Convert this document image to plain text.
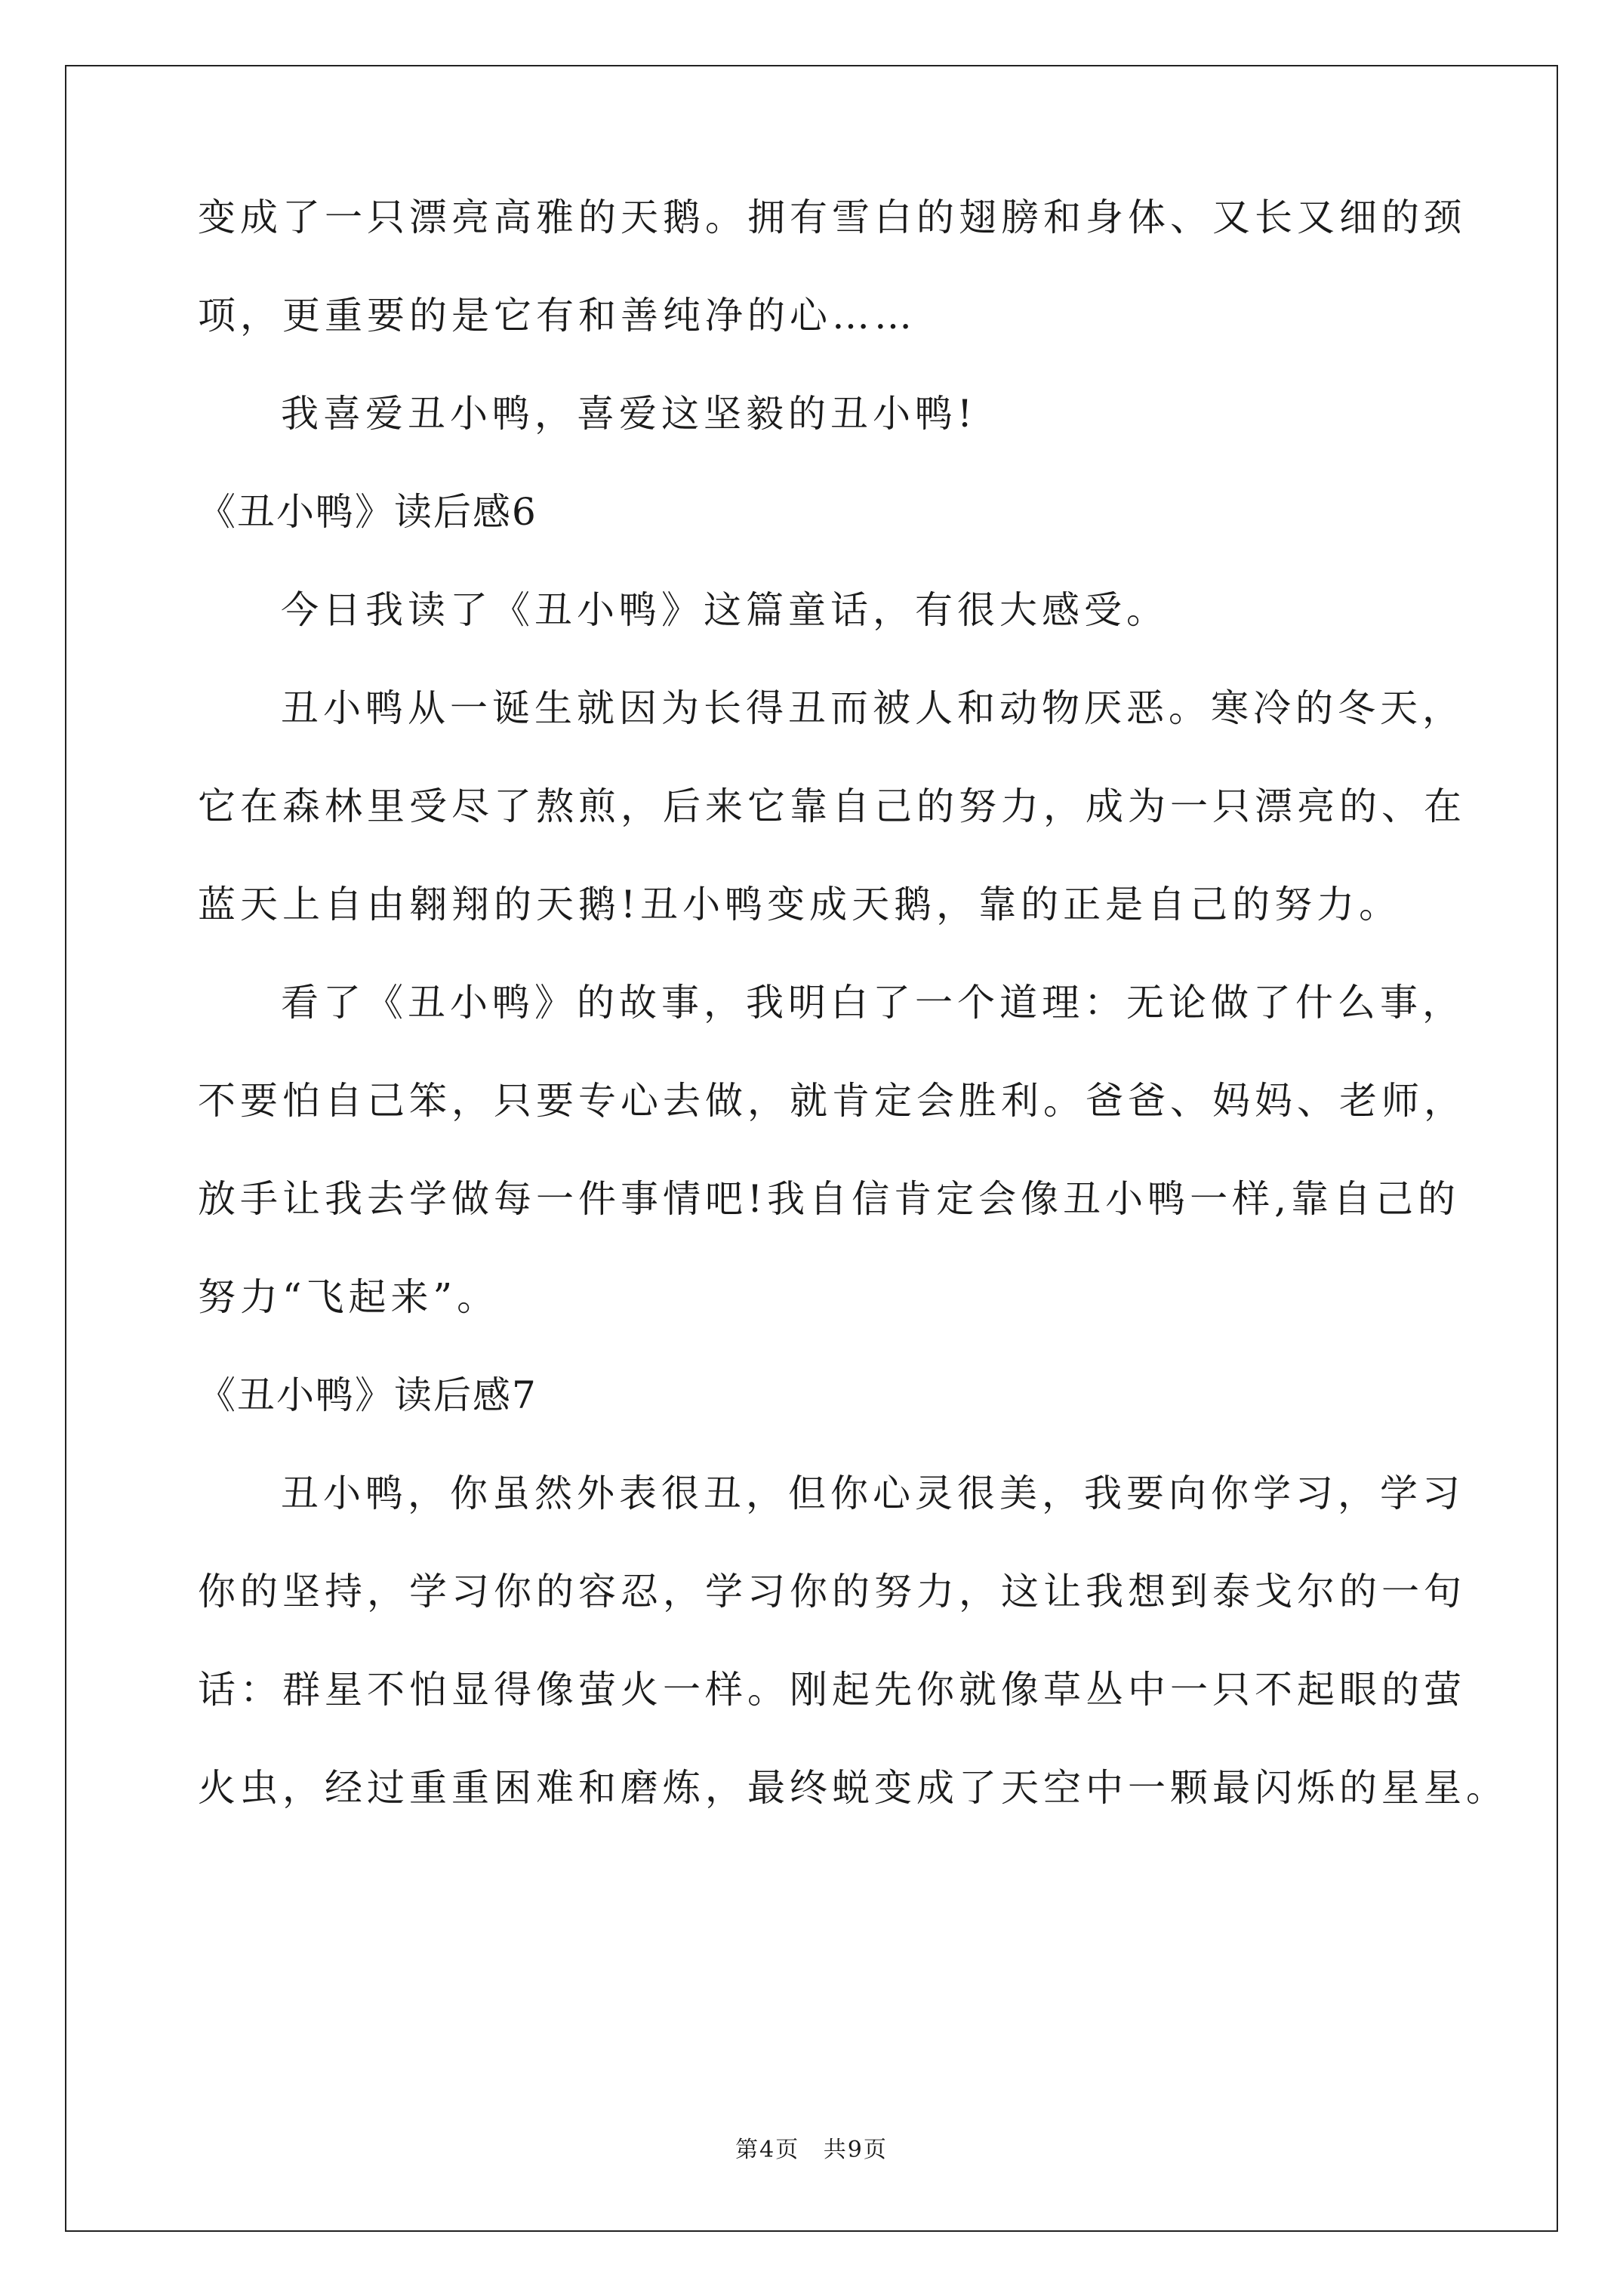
变成了一只漂亮高雅的天鹅。拥有雪白的翅膀和身体、又长又细的颈
项，更重要的是它有和善纯净的心……
我喜爱丑小鸭，喜爱这坚毅的丑小鸭!
《丑小鸭》读后感6
今日我读了《丑小鸭》这篇童话，有很大感受。
丑小鸭从一诞生就因为长得丑而被人和动物厌恶。寒冷的冬天，
它在森林里受尽了熬煎，后来它靠自己的努力，成为一只漂亮的、在
蓝天上自由翱翔的天鹅!丑小鸭变成天鹅，靠的正是自己的努力。
看了《丑小鸭》的故事，我明白了一个道理：无论做了什么事，
不要怕自己笨，只要专心去做，就肯定会胜利。爸爸、妈妈、老师，
放手让我去学做每一件事情吧!我自信肯定会像丑小鸭一样,靠自己的
努力“飞起来”。
《丑小鸭》读后感7
丑小鸭，你虽然外表很丑，但你心灵很美，我要向你学习，学习
你的坚持，学习你的容忍，学习你的努力，这让我想到泰戈尔的一句
话：群星不怕显得像萤火一样。刚起先你就像草丛中一只不起眼的萤
火虫，经过重重困难和磨炼，最终蜕变成了天空中一颗最闪烁的星星。
第4页 共9页
